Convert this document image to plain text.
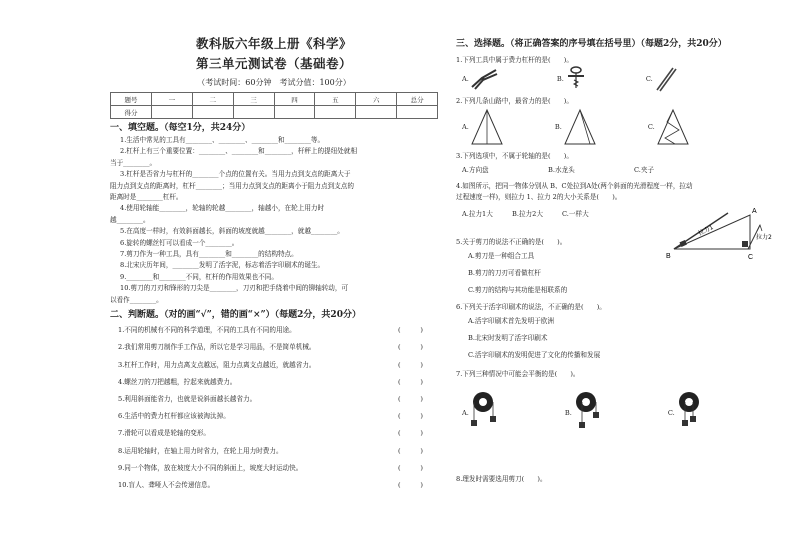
教科版六年级上册《科学》
第三单元测试卷（基础卷）
（考试时间：60分钟　考试分值：100分）
题号	一	二	三	四	五	六	总分
得分							
一、填空题。（每空1分，共24分）
1.生活中常见的工具有________、________、________和________等。
2.杠杆上有三个重要位置：________、________和________，杆秤上的提纽处就相
当于________。
3.杠杆是否省力与杠杆的________个点的位置有关。当用力点到支点的距离大于
阻力点到支点的距离时，杠杆________；当用力点到支点的距离小于阻力点到支点的
距离时是________杠杆。
4.使用轮轴能________，轮轴的轮越________，轴越小，在轮上用力时
越________。
5.在高度一样时，有效斜面越长，斜面的坡度就越________，就越________。
6.旋转的螺丝钉可以看成一个________。
7.剪刀作为一种工具，具有________和________的结构特点。
8.北宋庆历年间，________发明了活字泥，标志着活字印刷术的诞生。
9.________和________不同，杠杆的作用效果也不同。
10.剪刀的刀刃和锋形的刀尖是________，刀刃和把手绕着中间的铆轴转动，可
以看作________。
二、判断题。（对的画“√”，错的画“×”）（每题2分，共20分）
1.不同的机械有不同的科学道理，不同的工具有不同的用途。	(　　　)
2.我们常用剪刀制作手工作品，所以它是学习用品，不是简单机械。	(　　　)
3.杠杆工作时，用力点离支点越远，阻力点离支点越近，就越省力。	(　　　)
4.螺丝刀的刀把越粗，拧起来就越费力。	(　　　)
5.利用斜面能省力，也就是说斜面越长越省力。	(　　　)
6.生活中的费力杠杆都应该被淘汰掉。	(　　　)
7.滑轮可以看成是轮轴的变形。	(　　　)
8.运用轮轴时，在轴上用力时省力，在轮上用力时费力。	(　　　)
9.同一个物体，放在坡度大小不同的斜面上，坡度大时运动快。	(　　　)
10.盲人、聋哑人不会传递信息。	(　　　)
三、选择题。（将正确答案的序号填在括号里）（每题2分，共20分）
1.下列工具中属于费力杠杆的是(　　)。
A.	B.	C.
2.下列几条山路中，最省力的是(　　)。
A.	B.	C.
3.下列选项中，不属于轮轴的是(　　)。
A.方向盘	B.水龙头	C.夹子
4.如图所示，把同一物体分别从 B、C处拉到A处(两个斜面的光滑程度一样，拉动
过程速度一样)，则拉力 1、拉力 2的大小关系是(　　)。
A.拉力1大	B.拉力2大	C.一样大	A
B	C
拉力1
拉力2
5.关于剪刀的说法不正确的是(　　)。
A.剪刀是一种组合工具
B.剪刀的刀刃可看做杠杆
C.剪刀的结构与其功能是相联系的
6.下列关于活字印刷术的说法，不正确的是(　　)。
A.活字印刷术首先发明于欧洲
B.北宋时发明了活字印刷术
C.活字印刷术的发明促进了文化的传播和发展
7.下列三种情况中可能会平衡的是(　　)。
A.	B.	C.
8.理发时需要选用剪刀(　　)。
